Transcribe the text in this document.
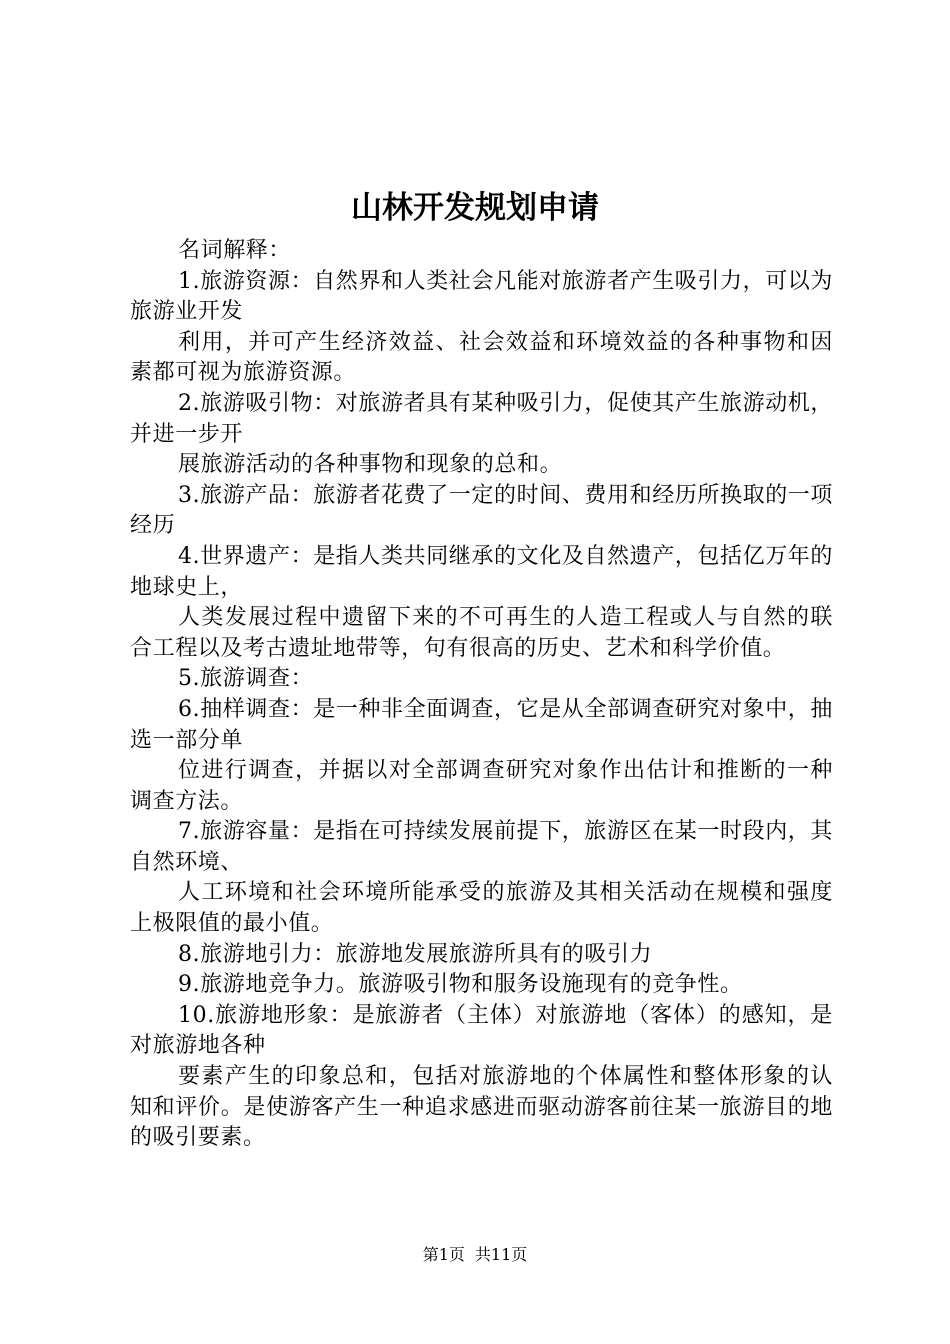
山林开发规划申请

名词解释：

1.旅游资源：自然界和人类社会凡能对旅游者产生吸引力，可以为旅游业开发

利用，并可产生经济效益、社会效益和环境效益的各种事物和因素都可视为旅游资源。

2.旅游吸引物：对旅游者具有某种吸引力，促使其产生旅游动机，并进一步开

展旅游活动的各种事物和现象的总和。

3.旅游产品：旅游者花费了一定的时间、费用和经历所换取的一项经历

4.世界遗产：是指人类共同继承的文化及自然遗产，包括亿万年的地球史上，

人类发展过程中遗留下来的不可再生的人造工程或人与自然的联合工程以及考古遗址地带等，句有很高的历史、艺术和科学价值。

5.旅游调查：

6.抽样调查：是一种非全面调查，它是从全部调查研究对象中，抽选一部分单

位进行调查，并据以对全部调查研究对象作出估计和推断的一种调查方法。

7.旅游容量：是指在可持续发展前提下，旅游区在某一时段内，其自然环境、

人工环境和社会环境所能承受的旅游及其相关活动在规模和强度上极限值的最小值。

8.旅游地引力：旅游地发展旅游所具有的吸引力

9.旅游地竞争力。旅游吸引物和服务设施现有的竞争性。

10.旅游地形象：是旅游者（主体）对旅游地（客体）的感知，是对旅游地各种

要素产生的印象总和，包括对旅游地的个体属性和整体形象的认知和评价。是使游客产生一种追求感进而驱动游客前往某一旅游目的地的吸引要素。

第1页 共11页
